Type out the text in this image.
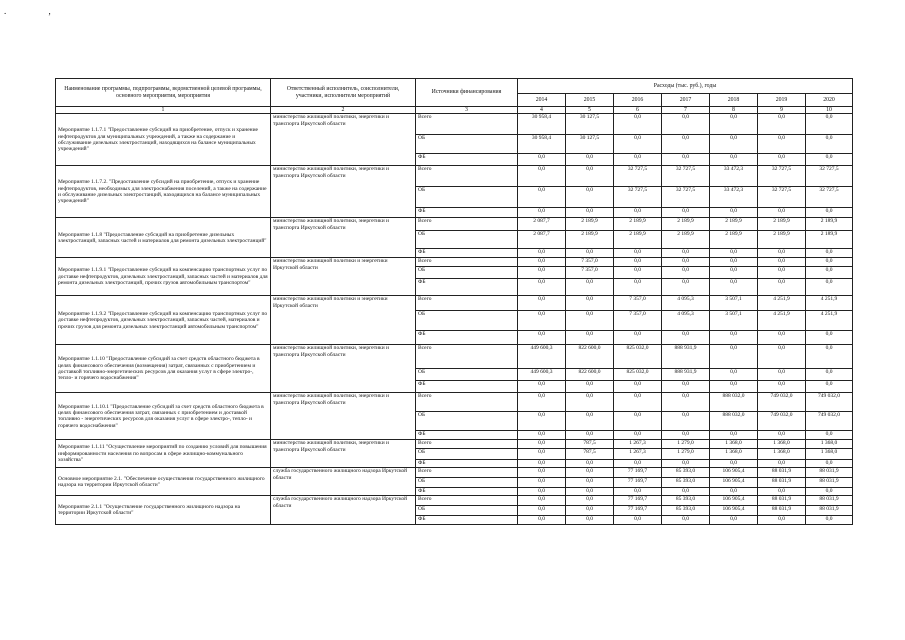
. ,
Наименование программы, подпрограммы, ведомственной целевой программы, основного мероприятия, мероприятия	Ответственный исполнитель, соисполнители, участники, исполнители мероприятий	Источники финансирования	Расходы (тыс. руб.), годы						
			2014	2015	2016	2017	2018	2019	2020
1	2	3	4	5	6	7	8	9	10
Мероприятие 1.1.7.1 "Предоставление субсидий на приобретение, отпуск и хранение нефтепродуктов для муниципальных учреждений, а также на содержание и обслуживание дизельных электростанций, находящихся на балансе муниципальных учреждений"	министерство жилищной политики, энергетики и транспорта Иркутской области	Всего	30 958,4	30 127,5	0,0	0,0	0,0	0,0	0,0
		ОБ	30 958,4	30 127,5	0,0	0,0	0,0	0,0	0,0
		ФБ	0,0	0,0	0,0	0,0	0,0	0,0	0,0
Мероприятие 1.1.7.2. "Предоставление субсидий на приобретение, отпуск и хранение нефтепродуктов, необходимых для электроснабжения поселений, а также на содержание и обслуживание дизельных электростанций, находящихся на балансе муниципальных учреждений"	министерство жилищной политики, энергетики и транспорта Иркутской области	Всего	0,0	0,0	32 727,5	32 727,5	33 472,3	32 727,5	32 727,5
		ОБ	0,0	0,0	32 727,5	32 727,5	33 472,3	32 727,5	32 727,5
		ФБ	0,0	0,0	0,0	0,0	0,0	0,0	0,0
Мероприятие 1.1.8 "Предоставление субсидий на приобретение дизельных электростанций, запасных частей и материалов для ремонта дизельных электростанций"	министерство жилищной политики, энергетики и транспорта Иркутской области	Всего	2 087,7	2 189,9	2 189,9	2 189,9	2 189,9	2 189,9	2 189,9
		ОБ	2 087,7	2 189,9	2 189,9	2 189,9	2 189,9	2 189,9	2 189,9
		ФБ	0,0	0,0	0,0	0,0	0,0	0,0	0,0
Мероприятие 1.1.9.1 "Предоставление субсидий на компенсацию транспортных услуг по доставке нефтепродуктов, дизельных электростанций, запасных частей и материалов для ремонта дизельных электростанций, прочих грузов автомобильным транспортом"	министерство жилищной политики и энергетики Иркутской области	Всего	0,0	7 357,0	0,0	0,0	0,0	0,0	0,0
		ОБ	0,0	7 357,0	0,0	0,0	0,0	0,0	0,0
		ФБ	0,0	0,0	0,0	0,0	0,0	0,0	0,0
Мероприятие 1.1.9.2 "Предоставление субсидий на компенсацию транспортных услуг по доставке нефтепродуктов, дизельных электростанций, запасных частей, материалов и прочих грузов для ремонта дизельных электростанций автомобильным транспортом"	министерство жилищной политики и энергетики Иркутской области	Всего	0,0	0,0	7 357,0	4 095,3	3 507,1	4 251,9	4 251,9
		ОБ	0,0	0,0	7 357,0	4 095,3	3 507,1	4 251,9	4 251,9
		ФБ	0,0	0,0	0,0	0,0	0,0	0,0	0,0
Мероприятие 1.1.10 "Предоставление субсидий за счет средств областного бюджета в целях финансового обеспечения (возмещения) затрат, связанных с приобретением и доставкой топливно-энергетических ресурсов для оказания услуг в сфере электро-, тепло- и горячего водоснабжения"	министерство жилищной политики, энергетики и транспорта Иркутской области	Всего	449 600,3	822 600,0	825 032,0	888 931,9	0,0	0,0	0,0
		ОБ	449 600,3	822 600,0	825 032,0	888 931,9	0,0	0,0	0,0
		ФБ	0,0	0,0	0,0	0,0	0,0	0,0	0,0
Мероприятие 1.1.10.1 "Предоставление субсидий за счет средств областного бюджета в целях финансового обеспечения затрат, связанных с приобретением и доставкой топливно - энергетических ресурсов для оказания услуг в сфере электро-, тепло- и горячего водоснабжения"	министерство жилищной политики, энергетики и транспорта Иркутской области	Всего	0,0	0,0	0,0	0,0	888 032,0	749 032,0	749 032,0
		ОБ	0,0	0,0	0,0	0,0	888 032,0	749 032,0	749 032,0
		ФБ	0,0	0,0	0,0	0,0	0,0	0,0	0,0
Мероприятие 1.1.11 "Осуществление мероприятий по созданию условий для повышения информированности населения по вопросам в сфере жилищно-коммунального хозяйства"	министерство жилищной политики, энергетики и транспорта Иркутской области	Всего	0,0	787,5	1 267,3	1 279,0	1 368,0	1 368,0	1 368,0
		ОБ	0,0	787,5	1 267,3	1 279,0	1 368,0	1 368,0	1 368,0
		ФБ	0,0	0,0	0,0	0,0	0,0	0,0	0,0
Основное мероприятие 2.1. "Обеспечение осуществления государственного жилищного надзора на территории Иркутской области"	служба государственного жилищного надзора Иркутской области	Всего	0,0	0,0	77 169,7	85 393,0	106 905,4	88 031,9	88 031,9
		ОБ	0,0	0,0	77 169,7	85 393,0	106 905,4	88 031,9	88 031,9
		ФБ	0,0	0,0	0,0	0,0	0,0	0,0	0,0
Мероприятие 2.1.1 "Осуществление государственного жилищного надзора на территории Иркутской области"	служба государственного жилищного надзора Иркутской области	Всего	0,0	0,0	77 169,7	85 393,0	106 905,4	88 031,9	88 031,9
		ОБ	0,0	0,0	77 169,7	85 393,0	106 905,4	88 031,9	88 031,9
		ФБ	0,0	0,0	0,0	0,0	0,0	0,0	0,0
